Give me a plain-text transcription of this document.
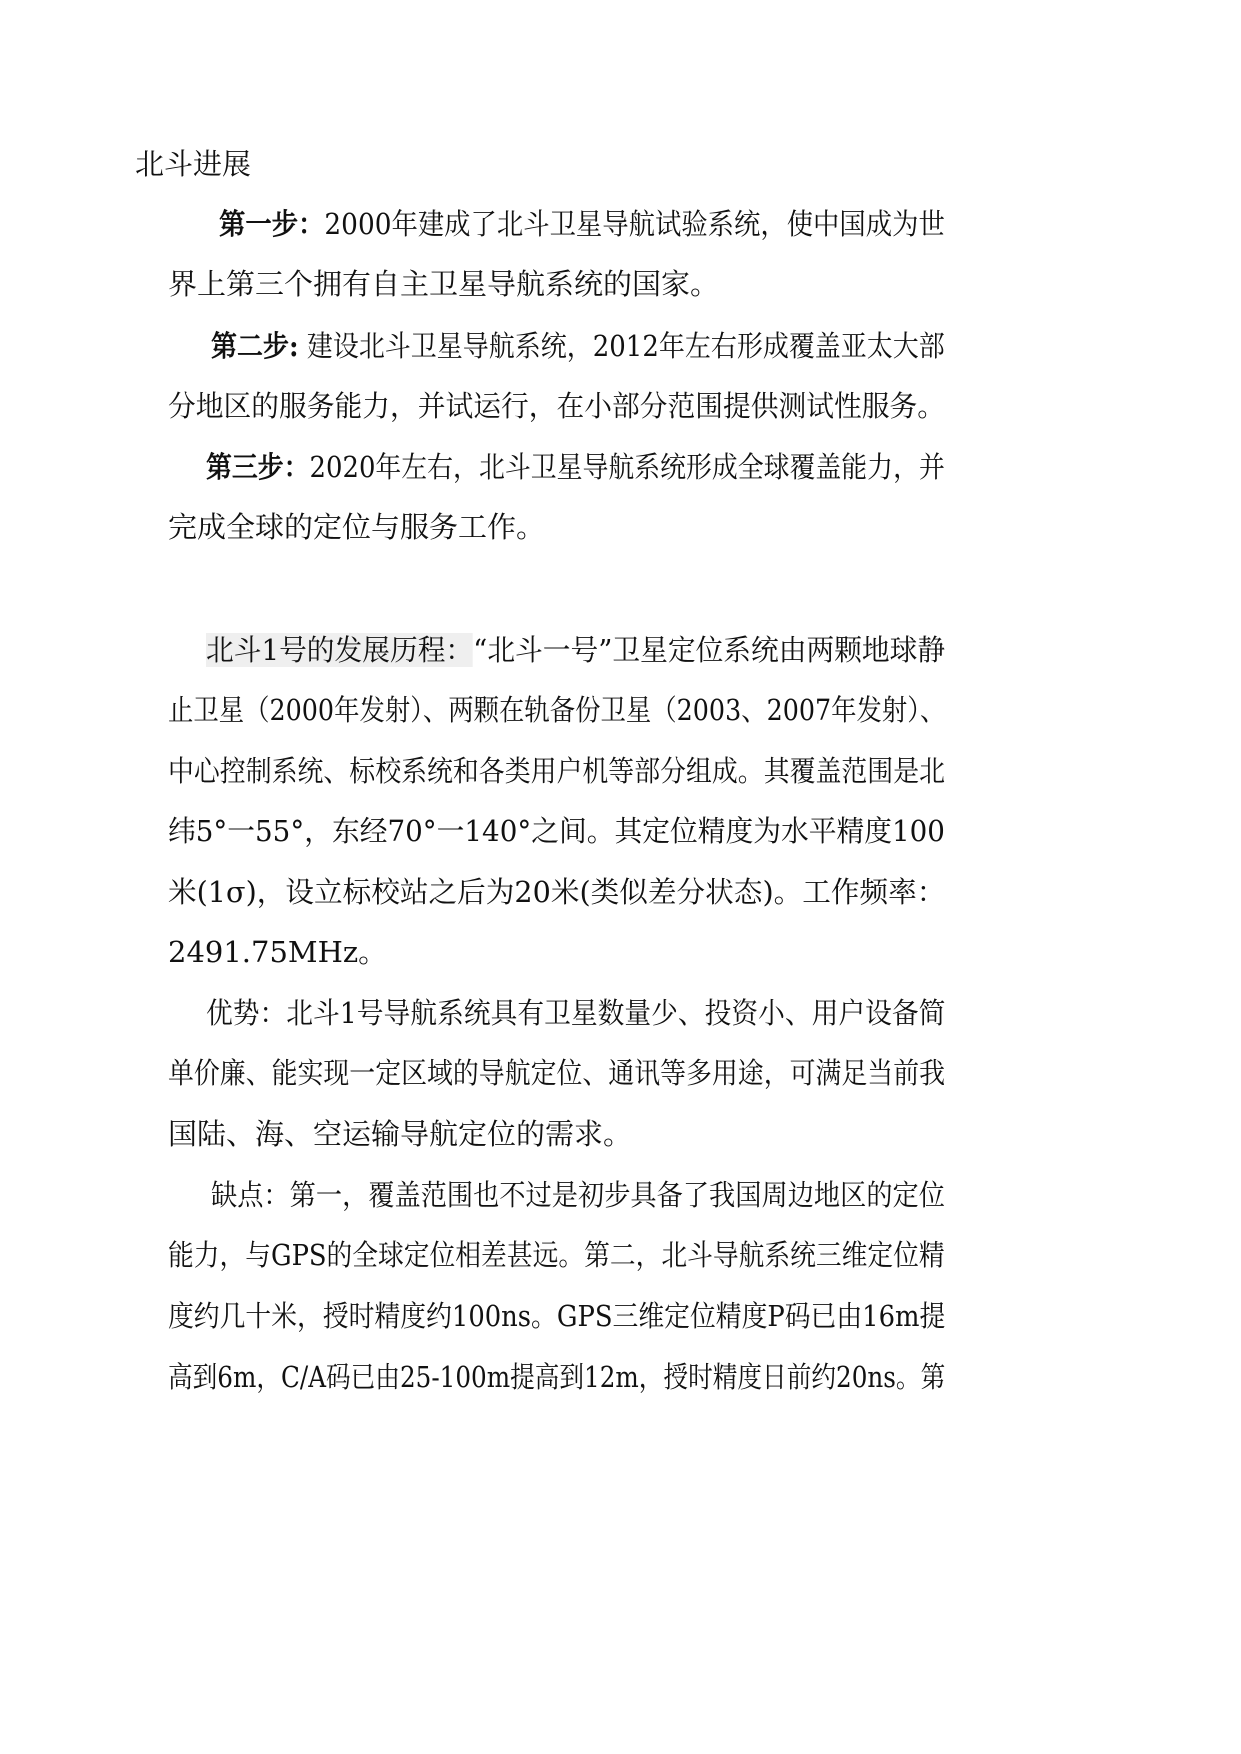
北斗进展
第一步：2000年建成了北斗卫星导航试验系统，使中国成为世
界上第三个拥有自主卫星导航系统的国家。
第二步: 建设北斗卫星导航系统，2012年左右形成覆盖亚太大部
分地区的服务能力，并试运行，在小部分范围提供测试性服务。
第三步：2020年左右，北斗卫星导航系统形成全球覆盖能力，并
完成全球的定位与服务工作。
北斗1号的发展历程：“北斗一号”卫星定位系统由两颗地球静
止卫星（2000年发射）、两颗在轨备份卫星（2003、2007年发射）、
中心控制系统、标校系统和各类用户机等部分组成。其覆盖范围是北
纬5°一55°，东经70°一140°之间。其定位精度为水平精度100
米(1σ)，设立标校站之后为20米(类似差分状态)。工作频率：
2491.75MHz。
优势：北斗1号导航系统具有卫星数量少、投资小、用户设备简
单价廉、能实现一定区域的导航定位、通讯等多用途，可满足当前我
国陆、海、空运输导航定位的需求。
缺点：第一，覆盖范围也不过是初步具备了我国周边地区的定位
能力，与GPS的全球定位相差甚远。第二，北斗导航系统三维定位精
度约几十米，授时精度约100ns。GPS三维定位精度P码已由16m提
高到6m，C/A码已由25-100m提高到12m，授时精度日前约20ns。第
